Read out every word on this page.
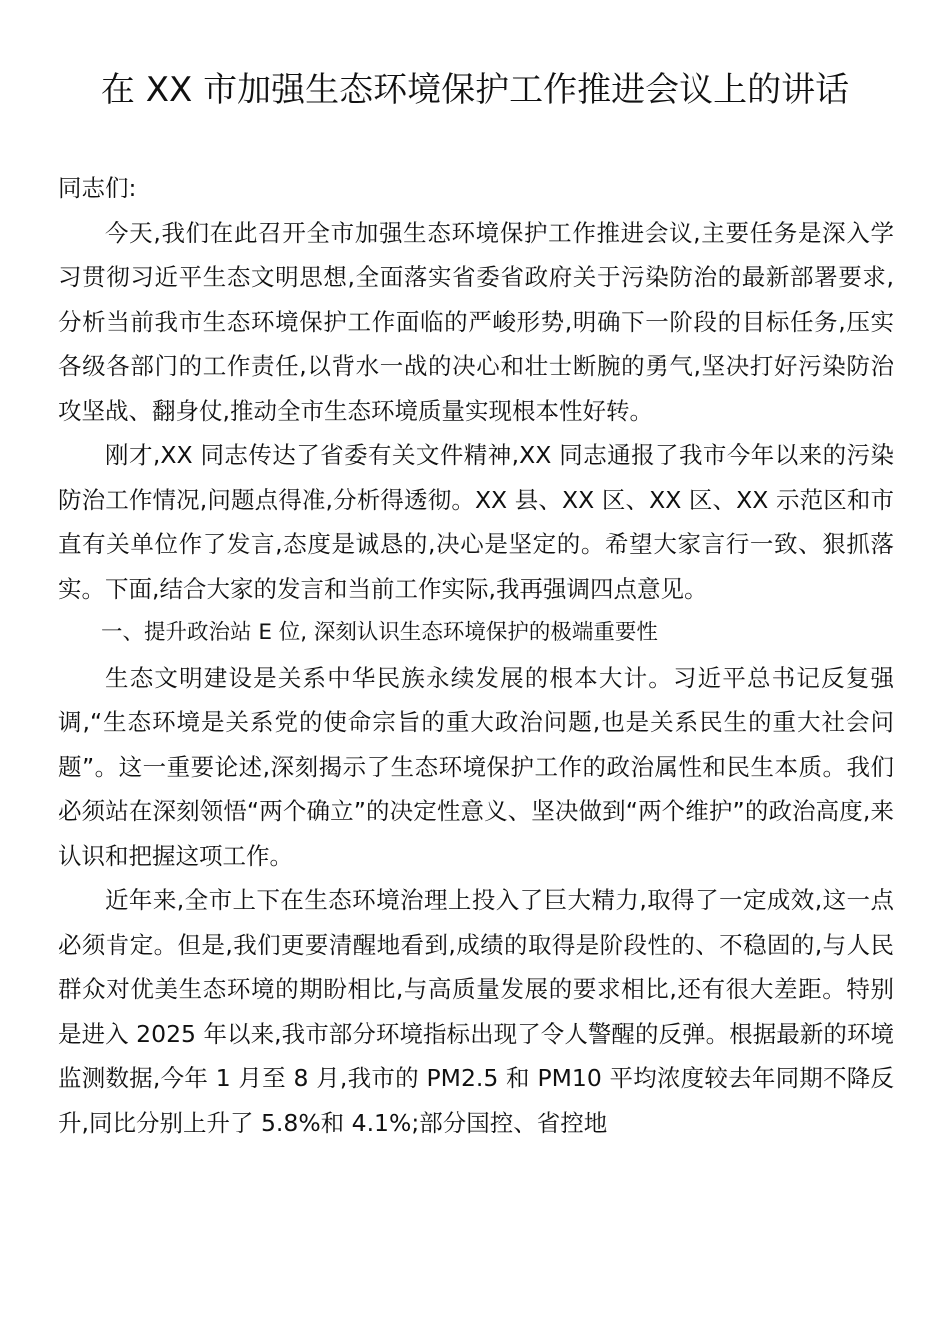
在 XX 市加强生态环境保护工作推进会议上的讲话

同志们:

今天,我们在此召开全市加强生态环境保护工作推进会议,主要任务是深入学习贯彻习近平生态文明思想,全面落实省委省政府关于污染防治的最新部署要求,分析当前我市生态环境保护工作面临的严峻形势,明确下一阶段的目标任务,压实各级各部门的工作责任,以背水一战的决心和壮士断腕的勇气,坚决打好污染防治攻坚战、翻身仗,推动全市生态环境质量实现根本性好转。

刚才,XX 同志传达了省委有关文件精神,XX 同志通报了我市今年以来的污染防治工作情况,问题点得准,分析得透彻。XX 县、XX 区、XX 区、XX 示范区和市直有关单位作了发言,态度是诚恳的,决心是坚定的。希望大家言行一致、狠抓落实。下面,结合大家的发言和当前工作实际,我再强调四点意见。

一、提升政治站 E 位, 深刻认识生态环境保护的极端重要性

生态文明建设是关系中华民族永续发展的根本大计。习近平总书记反复强调,“生态环境是关系党的使命宗旨的重大政治问题,也是关系民生的重大社会问题”。这一重要论述,深刻揭示了生态环境保护工作的政治属性和民生本质。我们必须站在深刻领悟“两个确立”的决定性意义、坚决做到“两个维护”的政治高度,来认识和把握这项工作。

近年来,全市上下在生态环境治理上投入了巨大精力,取得了一定成效,这一点必须肯定。但是,我们更要清醒地看到,成绩的取得是阶段性的、不稳固的,与人民群众对优美生态环境的期盼相比,与高质量发展的要求相比,还有很大差距。特别是进入 2025 年以来,我市部分环境指标出现了令人警醒的反弹。根据最新的环境监测数据,今年 1 月至 8 月,我市的 PM2.5 和 PM10 平均浓度较去年同期不降反升,同比分别上升了 5.8%和 4.1%;部分国控、省控地
